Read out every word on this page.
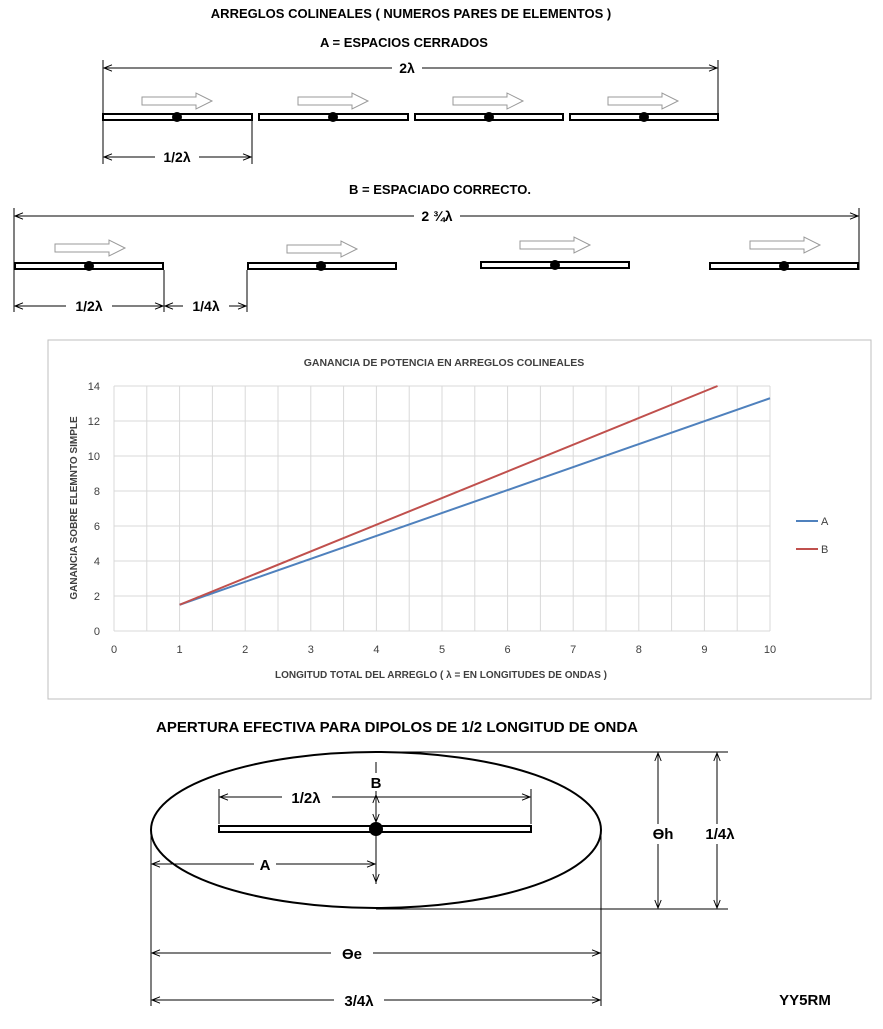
ARREGLOS COLINEALES ( NUMEROS PARES DE ELEMENTOS )
A = ESPACIOS CERRADOS
2λ
1/2λ
B = ESPACIADO CORRECTO.
2 ¾λ
1/2λ	1/4λ
GANANCIA DE POTENCIA EN ARREGLOS COLINEALES
0	1	2	3	4	5	6	7	8	9	10
0
2
4
6
8
10
12
14
LONGITUD TOTAL DEL ARREGLO ( λ = EN LONGITUDES DE ONDAS )
GANANCIA SOBRE ELEMNTO SIMPLE	A
B
APERTURA EFECTIVA PARA DIPOLOS DE 1/2 LONGITUD DE ONDA
1/2λ
B
A
ϴh 1/4λ
ϴe
3/4λ	YY5RM
